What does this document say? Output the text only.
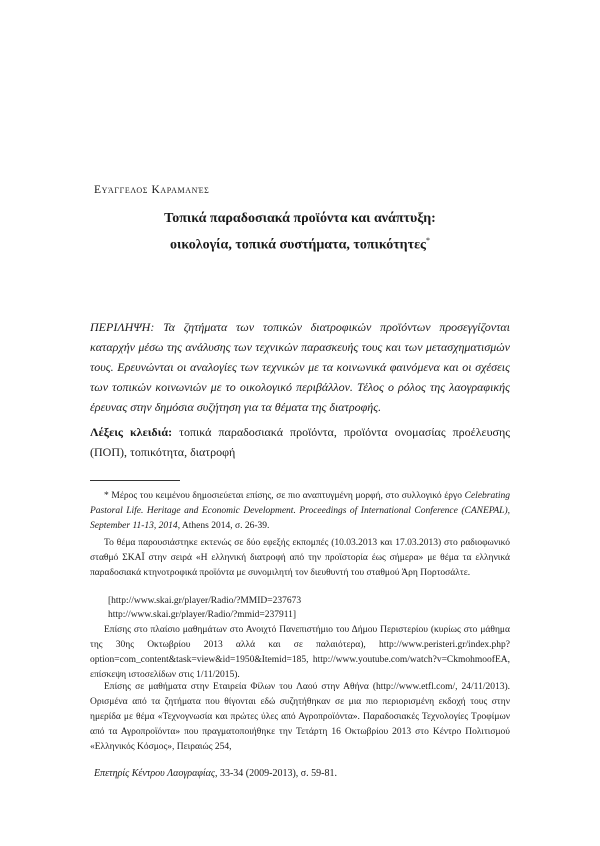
Ευάγγελος Καραμανές
Τοπικά παραδοσιακά προϊόντα και ανάπτυξη:
οικολογία, τοπικά συστήματα, τοπικότητες*
ΠΕΡΙΛΗΨΗ: Τα ζητήματα των τοπικών διατροφικών προϊόντων προσεγγίζονται καταρχήν μέσω της ανάλυσης των τεχνικών παρασκευής τους και των μετασχηματισμών τους. Ερευνώνται οι αναλογίες των τεχνικών με τα κοινωνικά φαινόμενα και οι σχέσεις των τοπικών κοινωνιών με το οικολογικό περιβάλλον. Τέλος ο ρόλος της λαογραφικής έρευνας στην δημόσια συζήτηση για τα θέματα της διατροφής.
Λέξεις κλειδιά: τοπικά παραδοσιακά προϊόντα, προϊόντα ονομασίας προέλευσης (ΠΟΠ), τοπικότητα, διατροφή
* Μέρος του κειμένου δημοσιεύεται επίσης, σε πιο αναπτυγμένη μορφή, στο συλλογικό έργο Celebrating Pastoral Life. Heritage and Economic Development. Proceedings of International Conference (CANEPAL), September 11-13, 2014, Athens 2014, σ. 26-39.
Το θέμα παρουσιάστηκε εκτενώς σε δύο εφεξής εκπομπές (10.03.2013 και 17.03.2013) στο ραδιοφωνικό σταθμό ΣΚΑΪ στην σειρά «Η ελληνική διατροφή από την προϊστορία έως σήμερα» με θέμα τα ελληνικά παραδοσιακά κτηνοτροφικά προϊόντα με συνομιλητή τον διευθυντή του σταθμού Άρη Πορτοσάλτε.
[http://www.skai.gr/player/Radio/?MMID=237673
http://www.skai.gr/player/Radio/?mmid=237911]
Επίσης στο πλαίσιο μαθημάτων στο Ανοιχτό Πανεπιστήμιο του Δήμου Περιστερίου (κυρίως στο μάθημα της 30ης Οκτωβρίου 2013 αλλά και σε παλαιότερα), http://www.peristeri.gr/index.php?option=com_content&task=view&id=1950&Itemid=185, http://www.youtube.com/watch?v=CkmohmoofEA, επίσκεψη ιστοσελίδων στις 1/11/2015).
Επίσης σε μαθήματα στην Εταιρεία Φίλων του Λαού στην Αθήνα (http://www.etfl.com/, 24/11/2013). Ορισμένα από τα ζητήματα που θίγονται εδώ συζητήθηκαν σε μια πιο περιορισμένη εκδοχή τους στην ημερίδα με θέμα «Τεχνογνωσία και πρώτες ύλες από Αγροπροϊόντα». Παραδοσιακές Τεχνολογίες Τροφίμων από τα Αγροπροϊόντα» που πραγματοποιήθηκε την Τετάρτη 16 Οκτωβρίου 2013 στο Κέντρο Πολιτισμού «Ελληνικός Κόσμος», Πειραιώς 254,
Επετηρίς Κέντρου Λαογραφίας, 33-34 (2009-2013), σ. 59-81.
